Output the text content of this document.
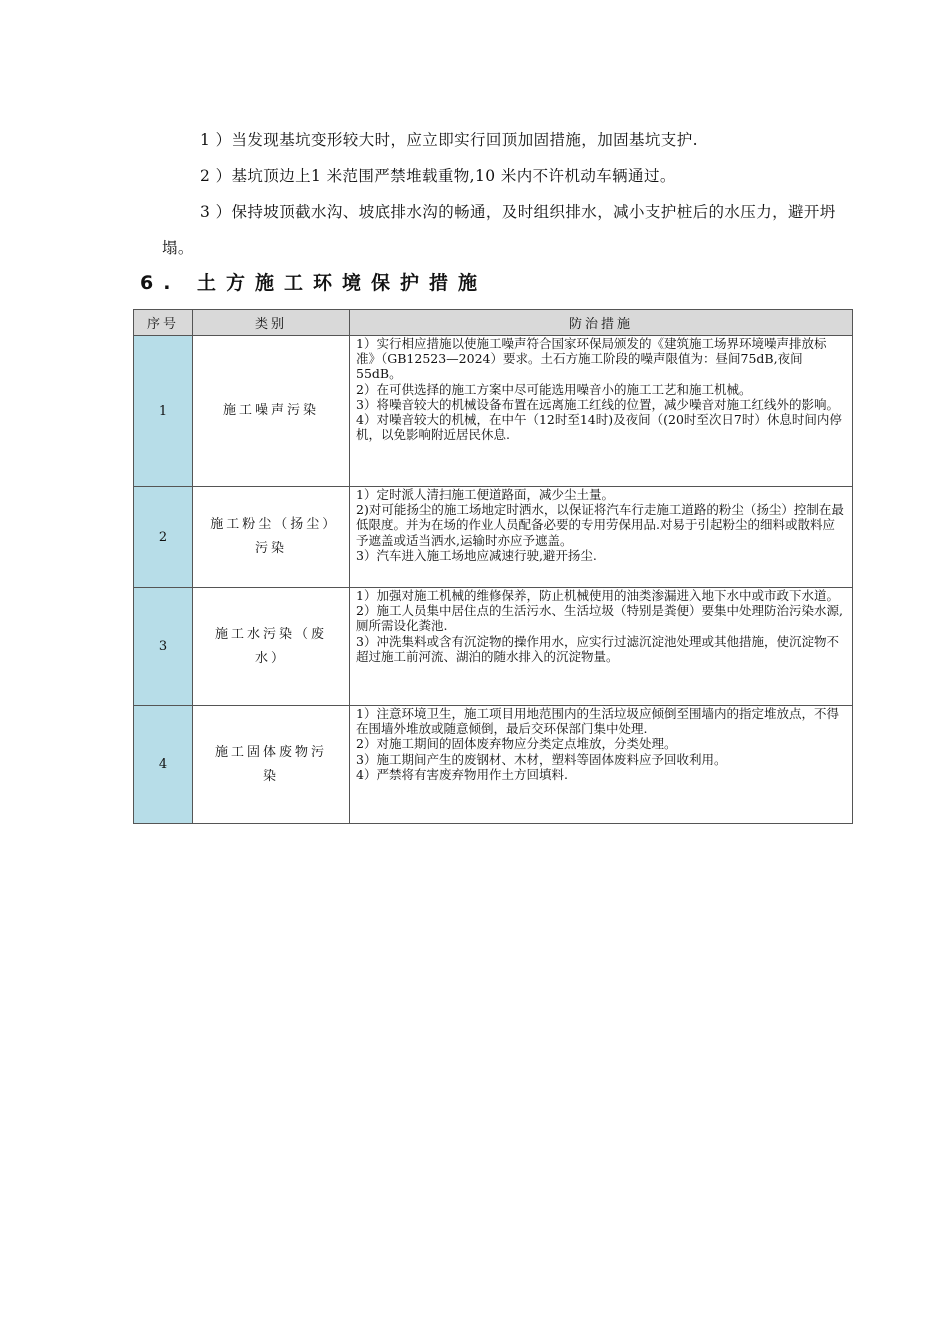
1 ）当发现基坑变形较大时，应立即实行回顶加固措施，加固基坑支护.

2 ）基坑顶边上1 米范围严禁堆载重物,10 米内不许机动车辆通过。

3 ）保持坡顶截水沟、坡底排水沟的畅通，及时组织排水，减小支护桩后的水压力，避开坍塌。

6. 土方施工环境保护措施
序号	类别	防治措施
1	施工噪声污染	1）实行相应措施以使施工噪声符合国家环保局颁发的《建筑施工场界环境噪声排放标准》（GB12523—2024）要求。土石方施工阶段的噪声限值为：昼间75dB,夜间55dB。
2）在可供选择的施工方案中尽可能选用噪音小的施工工艺和施工机械。
3）将噪音较大的机械设备布置在远离施工红线的位置，减少噪音对施工红线外的影响。
4）对噪音较大的机械，在中午（12时至14时)及夜间（(20时至次日7时）休息时间内停机，以免影响附近居民休息.

2	施工粉尘（扬尘）污染	1）定时派人清扫施工便道路面，减少尘土量。
2)对可能扬尘的施工场地定时洒水，以保证将汽车行走施工道路的粉尘（扬尘）控制在最低限度。并为在场的作业人员配备必要的专用劳保用品.对易于引起粉尘的细料或散料应予遮盖或适当洒水,运输时亦应予遮盖。
3）汽车进入施工场地应减速行驶,避开扬尘.

3	施工水污染（废水）	1）加强对施工机械的维修保养，防止机械使用的油类渗漏进入地下水中或市政下水道。
2）施工人员集中居住点的生活污水、生活垃圾（特别是粪便）要集中处理防治污染水源,厕所需设化粪池.
3）冲洗集料或含有沉淀物的操作用水，应实行过滤沉淀池处理或其他措施，使沉淀物不超过施工前河流、湖泊的随水排入的沉淀物量。

4	施工固体废物污染	1）注意环境卫生，施工项目用地范围内的生活垃圾应倾倒至围墙内的指定堆放点，不得在围墙外堆放或随意倾倒，最后交环保部门集中处理.
2）对施工期间的固体废弃物应分类定点堆放，分类处理。
3）施工期间产生的废钢材、木材，塑料等固体废料应予回收利用。
4）严禁将有害废弃物用作土方回填料.
